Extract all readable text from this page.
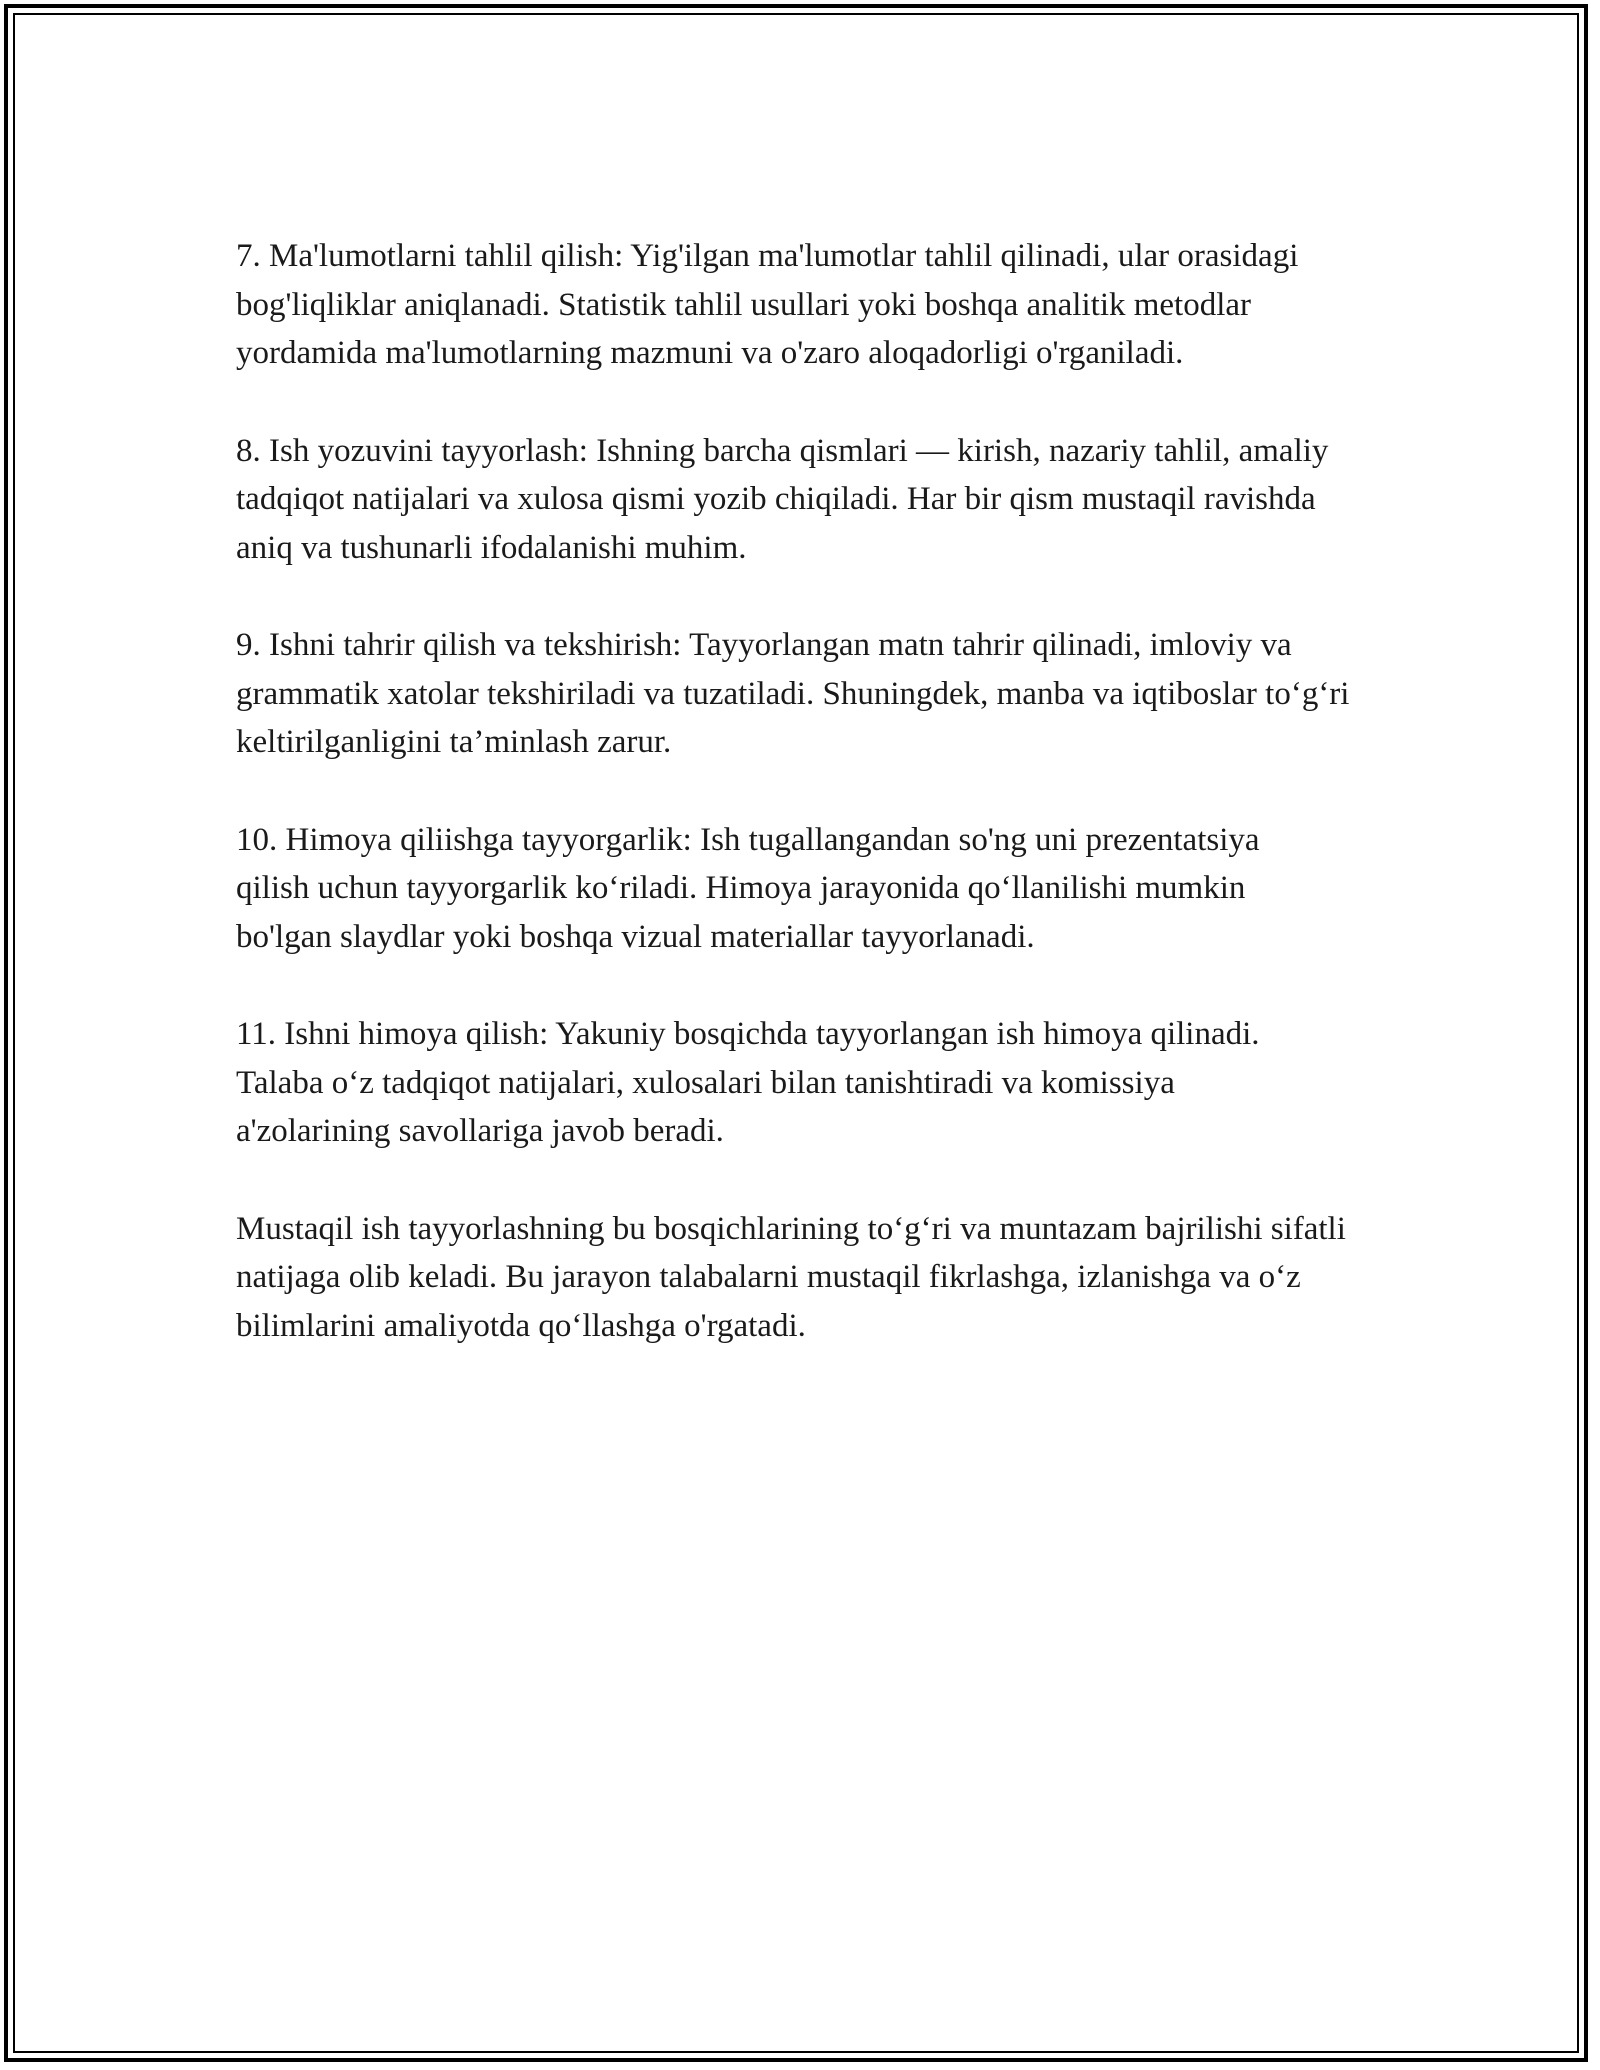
7. Ma'lumotlarni tahlil qilish: Yig'ilgan ma'lumotlar tahlil qilinadi, ular orasidagi bog'liqliklar aniqlanadi. Statistik tahlil usullari yoki boshqa analitik metodlar yordamida ma'lumotlarning mazmuni va o'zaro aloqadorligi o'rganiladi.

8. Ish yozuvini tayyorlash: Ishning barcha qismlari — kirish, nazariy tahlil, amaliy tadqiqot natijalari va xulosa qismi yozib chiqiladi. Har bir qism mustaqil ravishda aniq va tushunarli ifodalanishi muhim.

9. Ishni tahrir qilish va tekshirish: Tayyorlangan matn tahrir qilinadi, imloviy va grammatik xatolar tekshiriladi va tuzatiladi. Shuningdek, manba va iqtiboslar to‘g‘ri keltirilganligini ta’minlash zarur.

10. Himoya qiliishga tayyorgarlik: Ish tugallangandan so'ng uni prezentatsiya qilish uchun tayyorgarlik ko‘riladi. Himoya jarayonida qo‘llanilishi mumkin bo'lgan slaydlar yoki boshqa vizual materiallar tayyorlanadi.

11. Ishni himoya qilish: Yakuniy bosqichda tayyorlangan ish himoya qilinadi. Talaba o‘z tadqiqot natijalari, xulosalari bilan tanishtiradi va komissiya a'zolarining savollariga javob beradi.

Mustaqil ish tayyorlashning bu bosqichlarining to‘g‘ri va muntazam bajrilishi sifatli natijaga olib keladi. Bu jarayon talabalarni mustaqil fikrlashga, izlanishga va o‘z bilimlarini amaliyotda qo‘llashga o'rgatadi.
